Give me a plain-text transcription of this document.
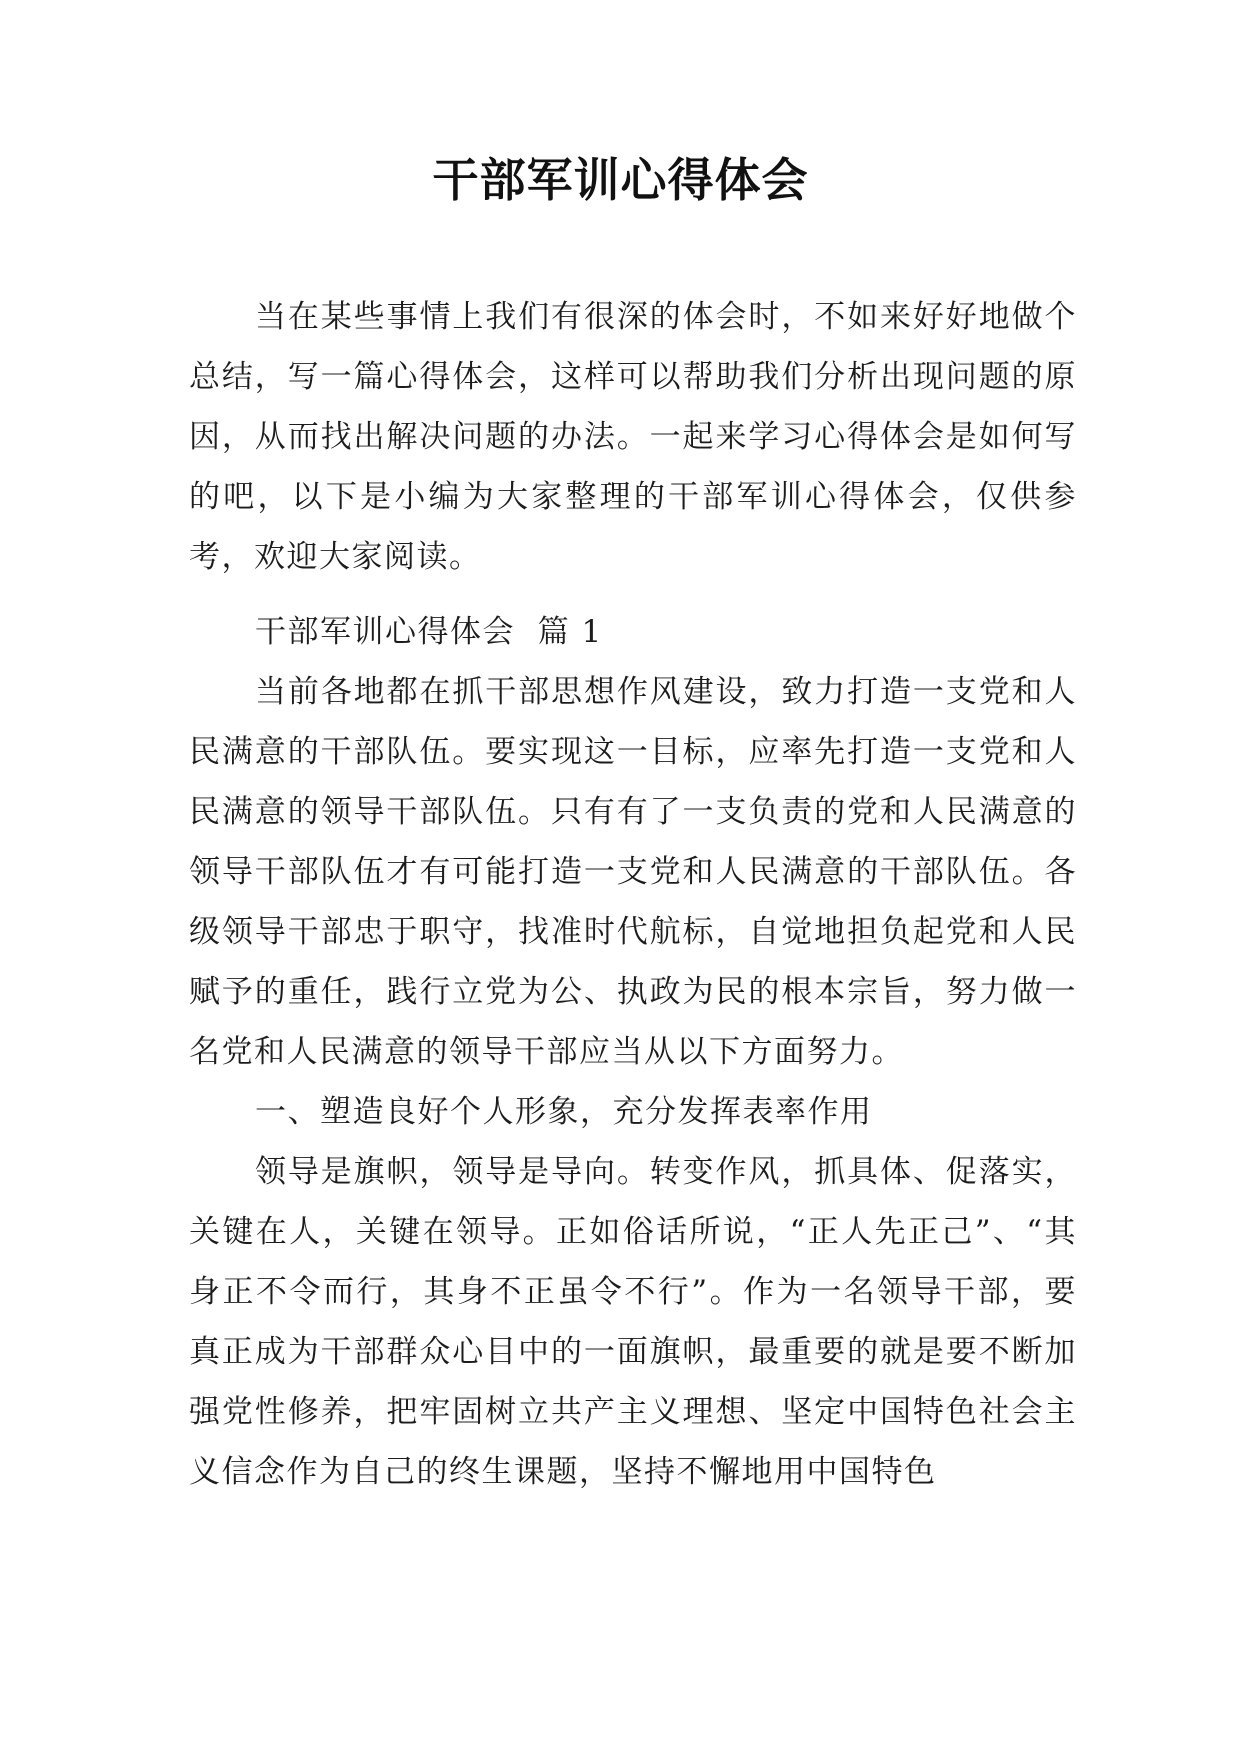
干部军训心得体会

当在某些事情上我们有很深的体会时，不如来好好地做个总结，写一篇心得体会，这样可以帮助我们分析出现问题的原因，从而找出解决问题的办法。一起来学习心得体会是如何写的吧，以下是小编为大家整理的干部军训心得体会，仅供参考，欢迎大家阅读。

干部军训心得体会  篇 1

当前各地都在抓干部思想作风建设，致力打造一支党和人民满意的干部队伍。要实现这一目标，应率先打造一支党和人民满意的领导干部队伍。只有有了一支负责的党和人民满意的领导干部队伍才有可能打造一支党和人民满意的干部队伍。各级领导干部忠于职守，找准时代航标，自觉地担负起党和人民赋予的重任，践行立党为公、执政为民的根本宗旨，努力做一名党和人民满意的领导干部应当从以下方面努力。

一、塑造良好个人形象，充分发挥表率作用

领导是旗帜，领导是导向。转变作风，抓具体、促落实，关键在人，关键在领导。正如俗话所说，“正人先正己”、“其身正不令而行，其身不正虽令不行”。作为一名领导干部，要真正成为干部群众心目中的一面旗帜，最重要的就是要不断加强党性修养，把牢固树立共产主义理想、坚定中国特色社会主义信念作为自己的终生课题，坚持不懈地用中国特色
